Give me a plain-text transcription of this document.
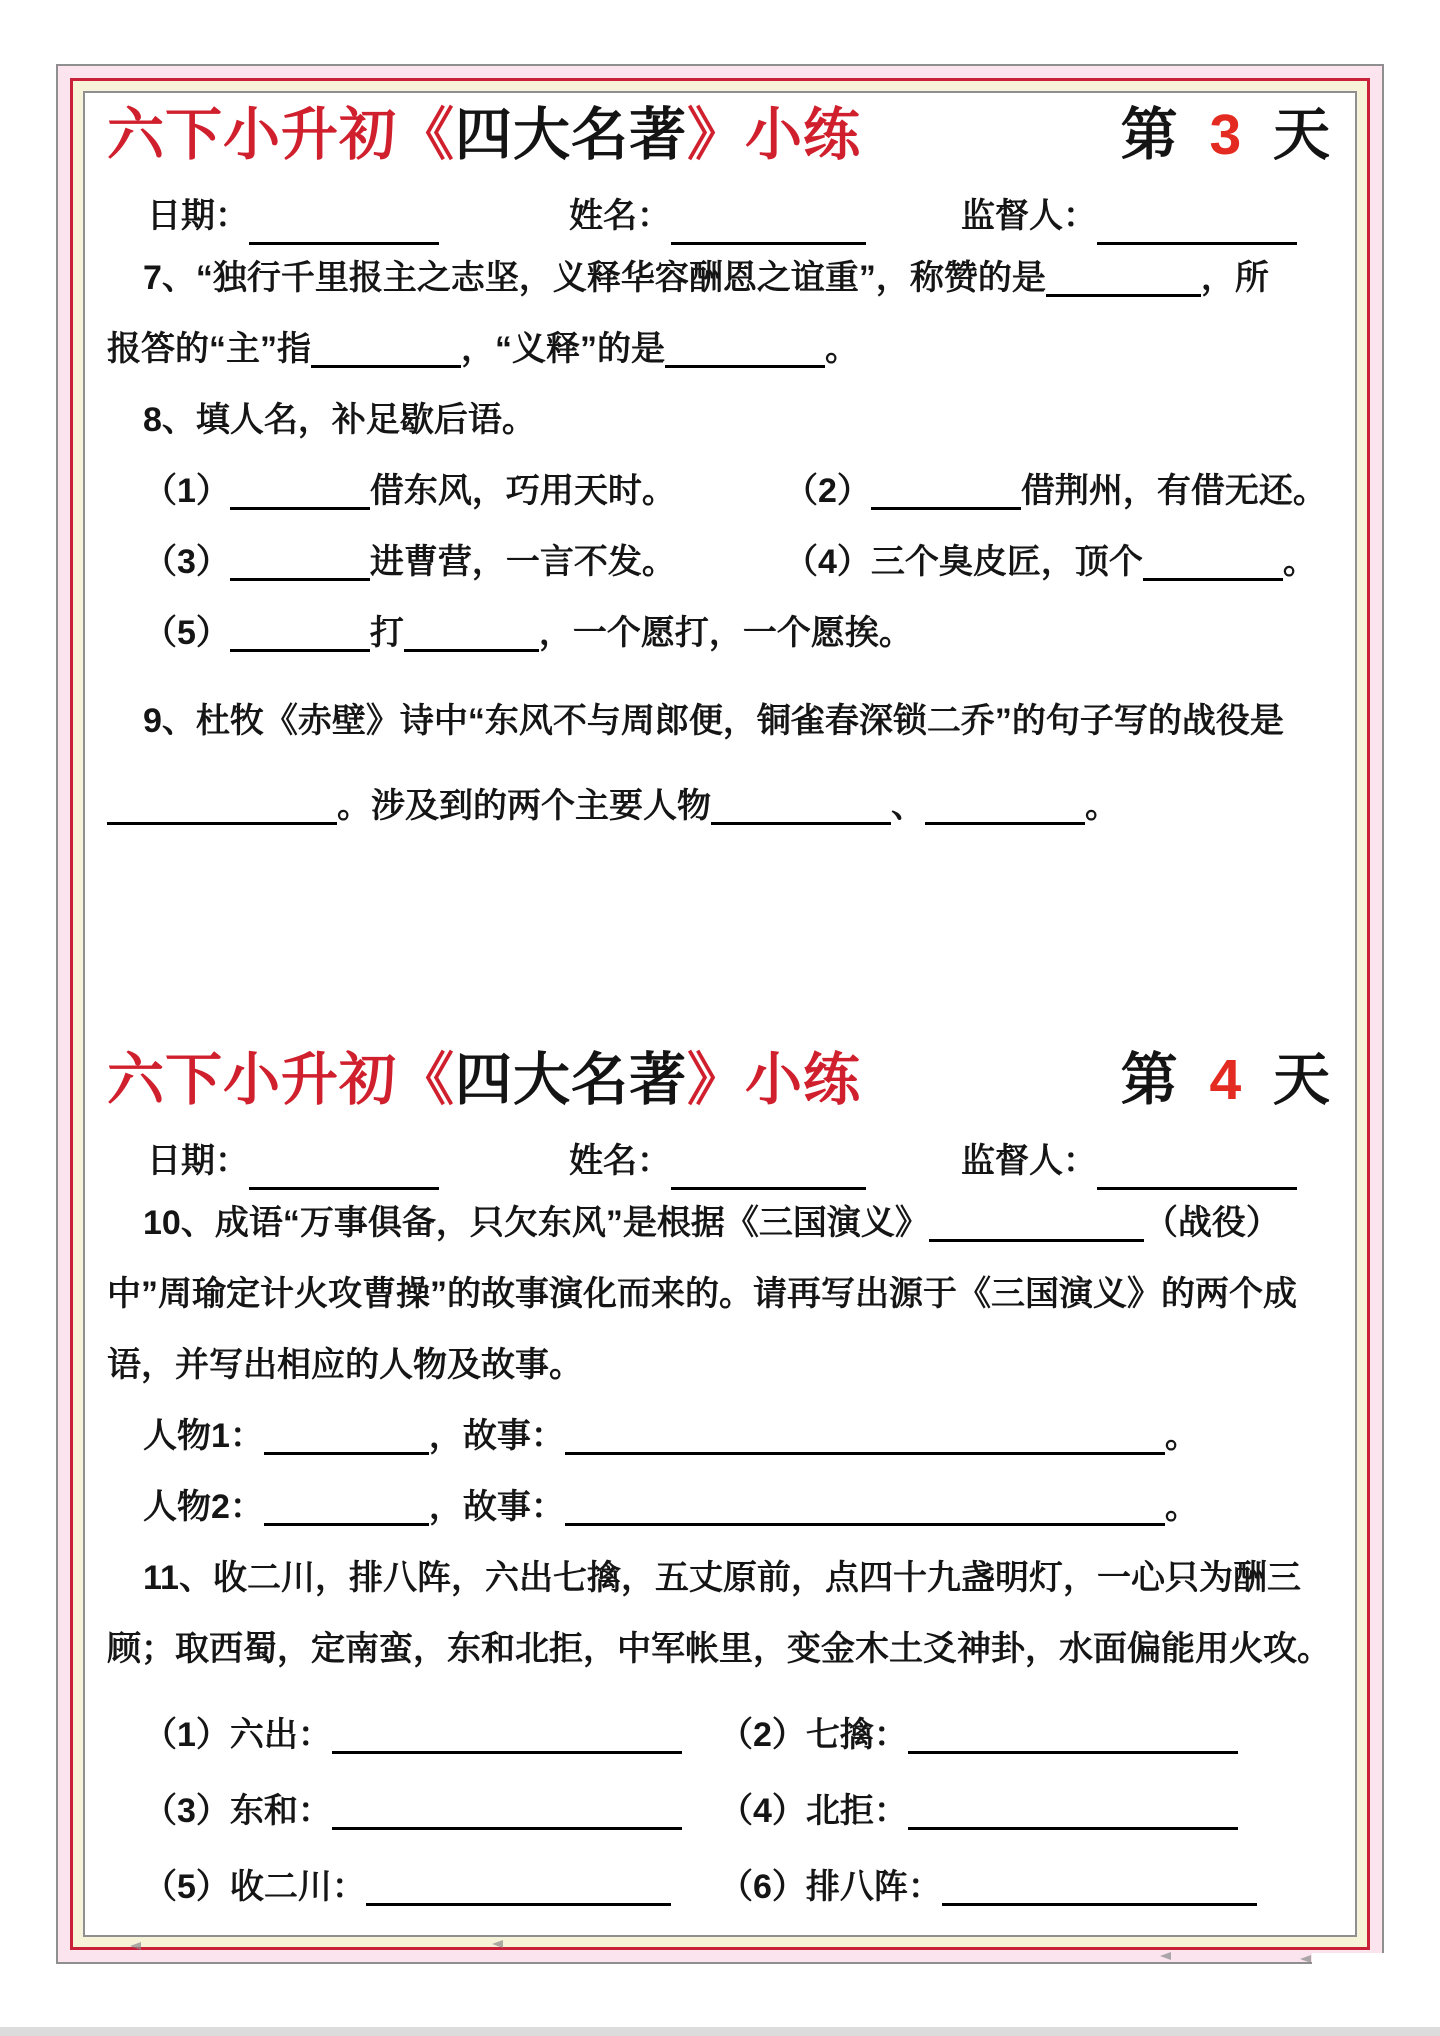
六下小升初 《 四大名著 》 小练	第 3 天
日期：	姓名：	监督人：

7、“独行千里报主之志坚，义释华容酬恩之谊重”，称赞的是	，所

报答的“主”指	，“义释”的是	。

8、填人名，补足歇后语。

（1）	借东风，巧用天时。	（2）	借荆州，有借无还。
（3）	进曹营，一言不发。	（4）三个臭皮匠，顶个	。
（5）	打	，一个愿打，一个愿挨。

9、杜牧《赤壁》诗中“东风不与周郎便，铜雀春深锁二乔”的句子写的战役是

。涉及到的两个主要人物	、	。

六下小升初 《 四大名著 》 小练	第 4 天
日期：	姓名：	监督人：

10、成语“万事俱备，只欠东风”是根据《三国演义》	（战役）

中”周瑜定计火攻曹操”的故事演化而来的。请再写出源于《三国演义》的两个成

语，并写出相应的人物及故事。

人物1：	，故事：	。

人物2：	，故事：	。

11、收二川，排八阵，六出七擒，五丈原前，点四十九盏明灯，一心只为酬三

顾；取西蜀，定南蛮，东和北拒，中军帐里，变金木土爻神卦，水面偏能用火攻。

（1）六出：	（2）七擒：
（3）东和：	（4）北拒：
（5）收二川：	（6）排八阵：
